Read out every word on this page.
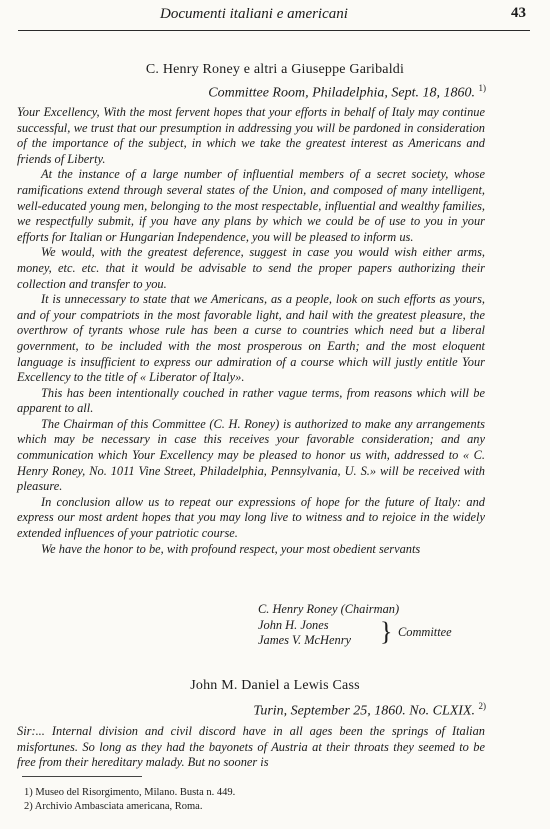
Documenti italiani e americani	43
C. Henry Roney e altri a Giuseppe Garibaldi
Committee Room, Philadelphia, Sept. 18, 1860. $^{1)}$

Your Excellency, With the most fervent hopes that your efforts in behalf of Italy may continue successful, we trust that our presumption in addressing you will be pardoned in consideration of the importance of the subject, in which we take the greatest interest as Americans and friends of Liberty.

At the instance of a large number of influential members of a secret society, whose ramifications extend through several states of the Union, and composed of many intelligent, well-educated young men, belonging to the most respectable, influential and wealthy families, we respectfully submit, if you have any plans by which we could be of use to you in your efforts for Italian or Hungarian Independence, you will be pleased to inform us.

We would, with the greatest deference, suggest in case you would wish either arms, money, etc. etc. that it would be advisable to send the proper papers authorizing their collection and transfer to you.

It is unnecessary to state that we Americans, as a people, look on such efforts as yours, and of your compatriots in the most favorable light, and hail with the greatest pleasure, the overthrow of tyrants whose rule has been a curse to countries which need but a liberal government, to be included with the most prosperous on Earth; and the most eloquent language is insufficient to express our admiration of a course which will justly entitle Your Excellency to the title of « Liberator of Italy».

This has been intentionally couched in rather vague terms, from reasons which will be apparent to all.

The Chairman of this Committee (C. H. Roney) is authorized to make any arrangements which may be necessary in case this receives your favorable consideration; and any communication which Your Excellency may be pleased to honor us with, addressed to « C. Henry Roney, No. 1011 Vine Street, Philadelphia, Pennsylvania, U. S.» will be received with pleasure.

In conclusion allow us to repeat our expressions of hope for the future of Italy: and express our most ardent hopes that you may long live to witness and to rejoice in the widely extended influences of your patriotic course.

We have the honor to be, with profound respect, your most obedient servants

C. Henry Roney (Chairman)
John H. Jones
James V. McHenry	} Committee
John M. Daniel a Lewis Cass
Turin, September 25, 1860. No. CLXIX. $^{2)}$

Sir:... Internal division and civil discord have in all ages been the springs of Italian misfortunes. So long as they had the bayonets of Austria at their throats they seemed to be free from their hereditary malady. But no sooner is

1) Museo del Risorgimento, Milano. Busta n. 449.
2) Archivio Ambasciata americana, Roma.
